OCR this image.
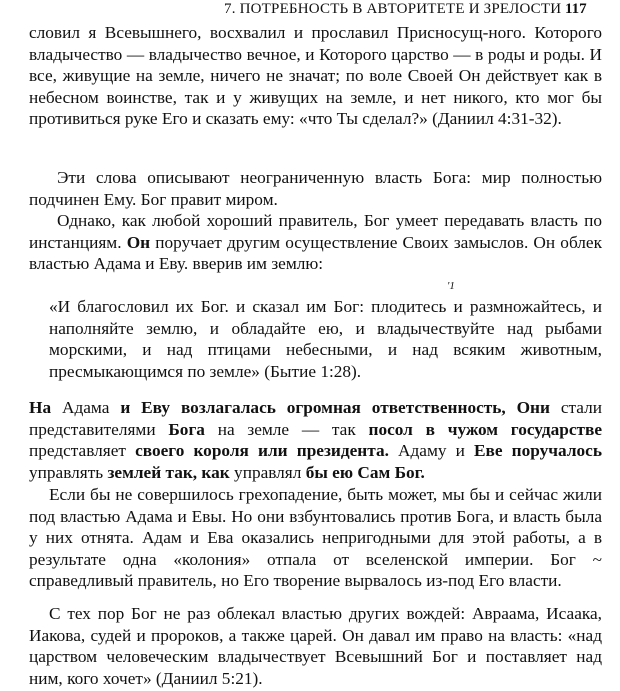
7. ПОТРЕБНОСТЬ В АВТОРИТЕТЕ И ЗРЕЛОСТИ 117

словил я Всевышнего, восхвалил и прославил Присносущ-ного. Которого владычество — владычество вечное, и Которого царство — в роды и роды. И все, живущие на земле, ничего не значат; по воле Своей Он действует как в небесном воинстве, так и у живущих на земле, и нет никого, кто мог бы противиться руке Его и сказать ему: «что Ты сделал?» (Даниил 4:31-32).

Эти слова описывают неограниченную власть Бога: мир полностью подчинен Ему. Бог правит миром.

Однако, как любой хороший правитель, Бог умеет передавать власть по инстанциям. Он поручает другим осуществление Своих замыслов. Он облек властью Адама и Еву. вверив им землю:

'1

«И благословил их Бог. и сказал им Бог: плодитесь и размножайтесь, и наполняйте землю, и обладайте ею, и владычествуйте над рыбами морскими, и над птицами небесными, и над всяким животным, пресмыкающимся по земле» (Бытие 1:28).

На Адама и Еву возлагалась огромная ответственность, Они стали представителями Бога на земле — так посол в чужом государстве представляет своего короля или президента. Адаму и Еве поручалось управлять землей так, как управлял бы ею Сам Бог.

Если бы не совершилось грехопадение, быть может, мы бы и сейчас жили под властью Адама и Евы. Но они взбунтовались против Бога, и власть была у них отнята. Адам и Ева оказались непригодными для этой работы, а в результате одна «колония» отпала от вселенской империи. Бог ~ справедливый правитель, но Его творение вырвалось из-под Его власти.

С тех пор Бог не раз облекал властью других вождей: Авраама, Исаака, Иакова, судей и пророков, а также царей. Он давал им право на власть: «над царством человеческим владычествует Всевышний Бог и поставляет над ним, кого хочет» (Даниил 5:21).
